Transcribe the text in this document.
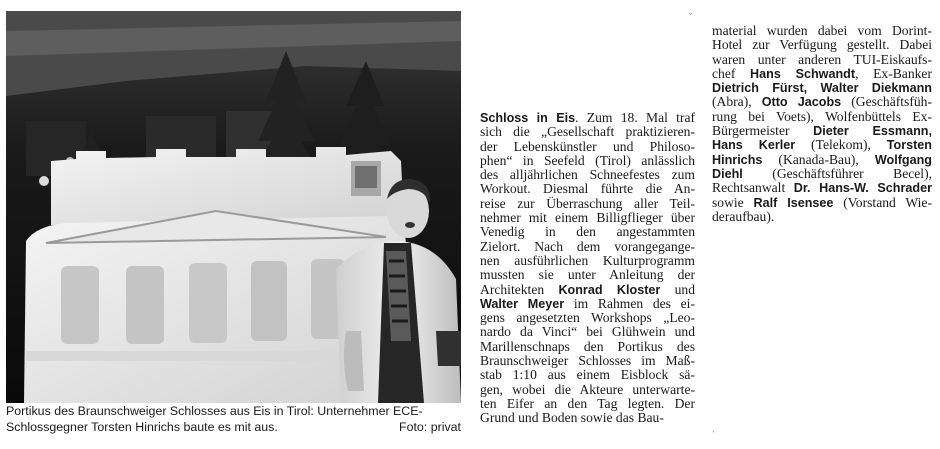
Portikus des Braunschweiger Schlosses aus Eis in Tirol: Unternehmer ECE-
Schlossgegner Torsten Hinrichs baute es mit aus.	Foto: privat
Schloss in Eis. Zum 18. Mal traf
sich die „Gesellschaft praktizieren-
der Lebenskünstler und Philoso-
phen“ in Seefeld (Tirol) anlässlich
des alljährlichen Schneefestes zum
Workout. Diesmal führte die An-
reise zur Überraschung aller Teil-
nehmer mit einem Billigflieger über
Venedig in den angestammten
Zielort. Nach dem vorangegange-
nen ausführlichen Kulturprogramm
mussten sie unter Anleitung der
Architekten Konrad Kloster und
Walter Meyer im Rahmen des ei-
gens angesetzten Workshops „Leo-
nardo da Vinci“ bei Glühwein und
Marillenschnaps den Portikus des
Braunschweiger Schlosses im Maß-
stab 1:10 aus einem Eisblock sä-
gen, wobei die Akteure unterwarte-
ten Eifer an den Tag legten. Der
Grund und Boden sowie das Bau-
material wurden dabei vom Dorint-
Hotel zur Verfügung gestellt. Dabei
waren unter anderen TUI-Eiskaufs-
chef Hans Schwandt, Ex-Banker
Dietrich Fürst, Walter Diekmann
(Abra), Otto Jacobs (Geschäftsfüh-
rung bei Voets), Wolfenbüttels Ex-
Bürgermeister Dieter Essmann,
Hans Kerler (Telekom), Torsten
Hinrichs (Kanada-Bau), Wolfgang
Diehl (Geschäftsführer Becel),
Rechtsanwalt Dr. Hans-W. Schrader
sowie Ralf Isensee (Vorstand Wie-
deraufbau).
ˇ
ˋ
